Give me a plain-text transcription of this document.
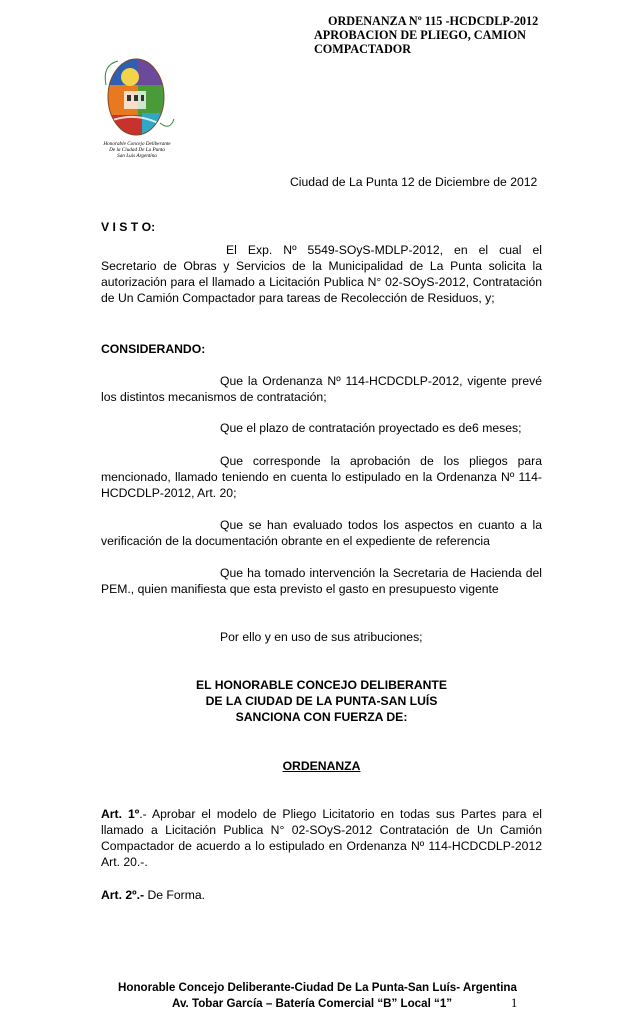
ORDENANZA Nº 115 -HCDCDLP-2012
APROBACION DE PLIEGO, CAMION
COMPACTADOR
Honorable Concejo Deliberante
De la Ciudad De La Punta
San Luis Argentina
Ciudad de La Punta 12 de Diciembre de 2012
V I S T O:
El Exp. Nº 5549-SOyS-MDLP-2012, en el cual el
Secretario de Obras y Servicios de la Municipalidad de La Punta solicita la
autorización para el llamado a Licitación Publica N° 02-SOyS-2012, Contratación
de Un Camión Compactador para tareas de Recolección de Residuos, y;
CONSIDERANDO:
Que la Ordenanza Nº 114-HCDCDLP-2012, vigente prevé
los distintos mecanismos de contratación;
Que el plazo de contratación proyectado es de6 meses;
Que corresponde la aprobación de los pliegos para
mencionado, llamado teniendo en cuenta lo estipulado en la Ordenanza Nº 114-
HCDCDLP-2012, Art. 20;
Que se han evaluado todos los aspectos en cuanto a la
verificación de la documentación obrante en el expediente de referencia
Que ha tomado intervención la Secretaria de Hacienda del
PEM., quien manifiesta que esta previsto el gasto en presupuesto vigente
Por ello y en uso de sus atribuciones;
EL HONORABLE CONCEJO DELIBERANTE
DE LA CIUDAD DE LA PUNTA-SAN LUÍS
SANCIONA CON FUERZA DE:
ORDENANZA
Art. 1º.- Aprobar el modelo de Pliego Licitatorio en todas sus Partes para el
llamado a Licitación Publica N° 02-SOyS-2012 Contratación de Un Camión
Compactador de acuerdo a lo estipulado en Ordenanza Nº 114-HCDCDLP-2012
Art. 20.-.
Art. 2º.- De Forma.
Honorable Concejo Deliberante-Ciudad De La Punta-San Luís- Argentina
Av. Tobar García – Batería Comercial “B” Local “1”	1
